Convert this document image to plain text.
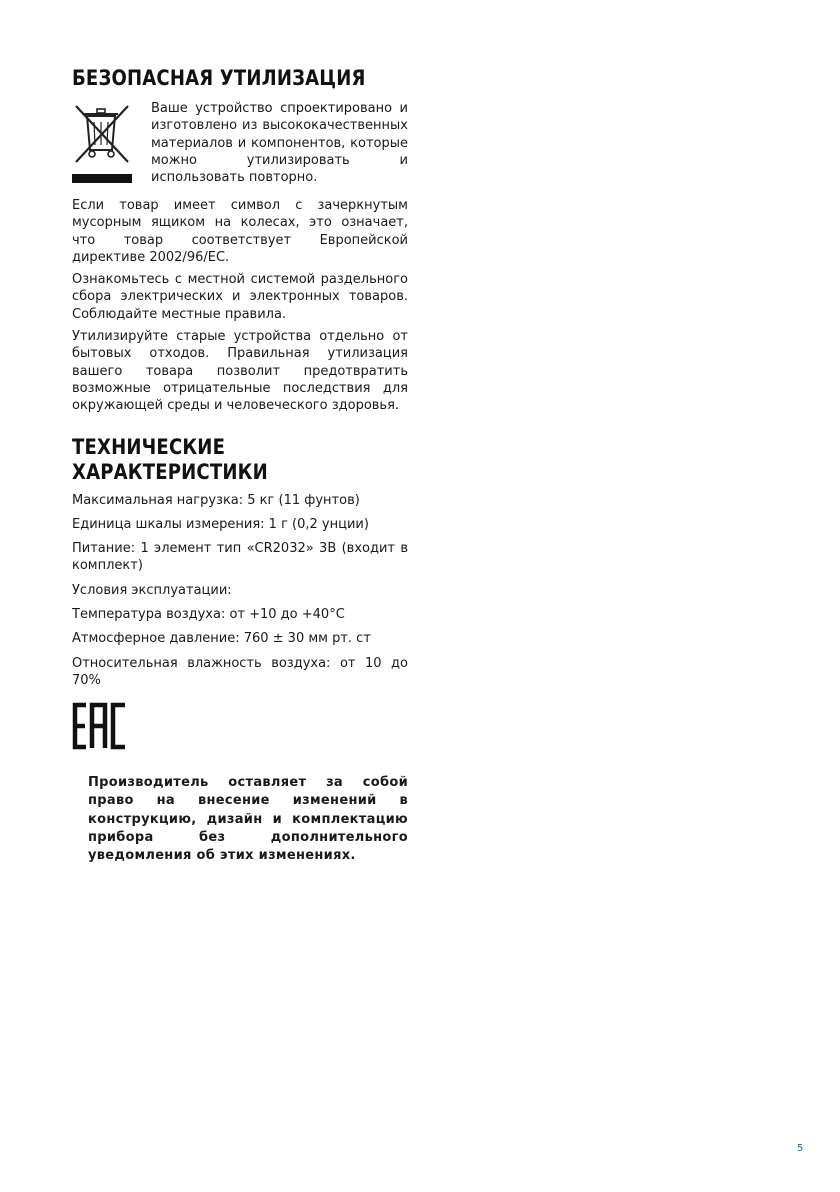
БЕЗОПАСНАЯ УТИЛИЗАЦИЯ

Ваше устройство спроектировано и изготовлено из высококачественных материалов и компонентов, которые можно утилизировать и использовать повторно.

Если товар имеет символ с зачеркнутым мусорным ящиком на колесах, это означает, что товар соответствует Европейской директиве 2002/96/EC.

Ознакомьтесь с местной системой раздельного сбора электрических и электронных товаров. Соблюдайте местные правила.

Утилизируйте старые устройства отдельно от бытовых отходов. Правильная утилизация вашего товара позволит предотвратить возможные отрицательные последствия для окружающей среды и человеческого здоровья.

ТЕХНИЧЕСКИЕ
ХАРАКТЕРИСТИКИ

Максимальная нагрузка: 5 кг (11 фунтов)

Единица шкалы измерения: 1 г (0,2 унции)

Питание: 1 элемент тип «CR2032» 3В (входит в комплект)

Условия эксплуатации:

Температура воздуха: от +10 до +40°С

Атмосферное давление: 760 ± 30 мм рт. ст

Относительная влажность воздуха: от 10 до 70%

Производитель оставляет за собой право на внесение изменений в конструкцию, дизайн и комплектацию прибора без дополнительного уведомления об этих изменениях.

5
